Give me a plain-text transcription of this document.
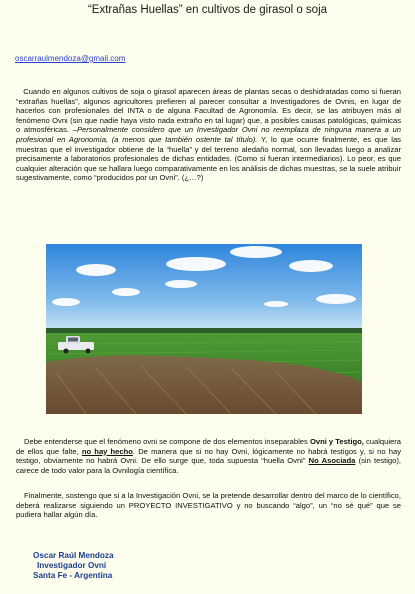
“Extrañas Huellas” en cultivos de girasol o soja
oscarraulmendoza@gmail.com
Cuando en algunos cultivos de soja o girasol aparecen áreas de plantas secas o deshidratadas como si fueran “extrañas huellas”, algunos agricultores prefieren al parecer consultar a Investigadores de Ovnis, en lugar de hacerlos con profesionales del INTA o de alguna Facultad de Agronomía. Es decir, se las atribuyen más al fenómeno Ovni (sin que nadie haya visto nada extraño en tal lugar) que, a posibles causas patológicas, químicas o atmosféricas. –Personalmente considero que un Investigador Ovni no reemplaza de ninguna manera a un profesional en Agronomía, (a menos que también ostente tal título). Y, lo que ocurre finalmente, es que las muestras que el investigador obtiene de la “huella” y del terreno aledaño normal, son llevadas luego a analizar precisamente a laboratorios profesionales de dichas entidades. (Como si fueran intermediarios). Lo peor, es que cualquier alteración que se hallara luego comparativamente en los análisis de dichas muestras, se la suele atribuir sugestivamente, como “producidos por un Ovni”. (¿…?)
Debe entenderse que el fenómeno ovni se compone de dos elementos inseparables Ovni y Testigo, cualquiera de ellos que falte, no hay hecho. De manera que si no hay Ovni, lógicamente no habrá testigos y, si no hay testigo, obviamente no habrá Ovni. De ello surge que, toda supuesta “huella Ovni” No Asociada (sin testigo), carece de todo valor para la Ovnilogía científica.
Finalmente, sostengo que si a la Investigación Ovni, se la pretende desarrollar dentro del marco de lo científico, deberá realizarse siguiendo un PROYECTO INVESTIGATIVO y no buscando “algo”, un “no sé qué” que se pudiera hallar algún día.
Oscar Raúl Mendoza
Investigador Ovni
Santa Fe - Argentina
